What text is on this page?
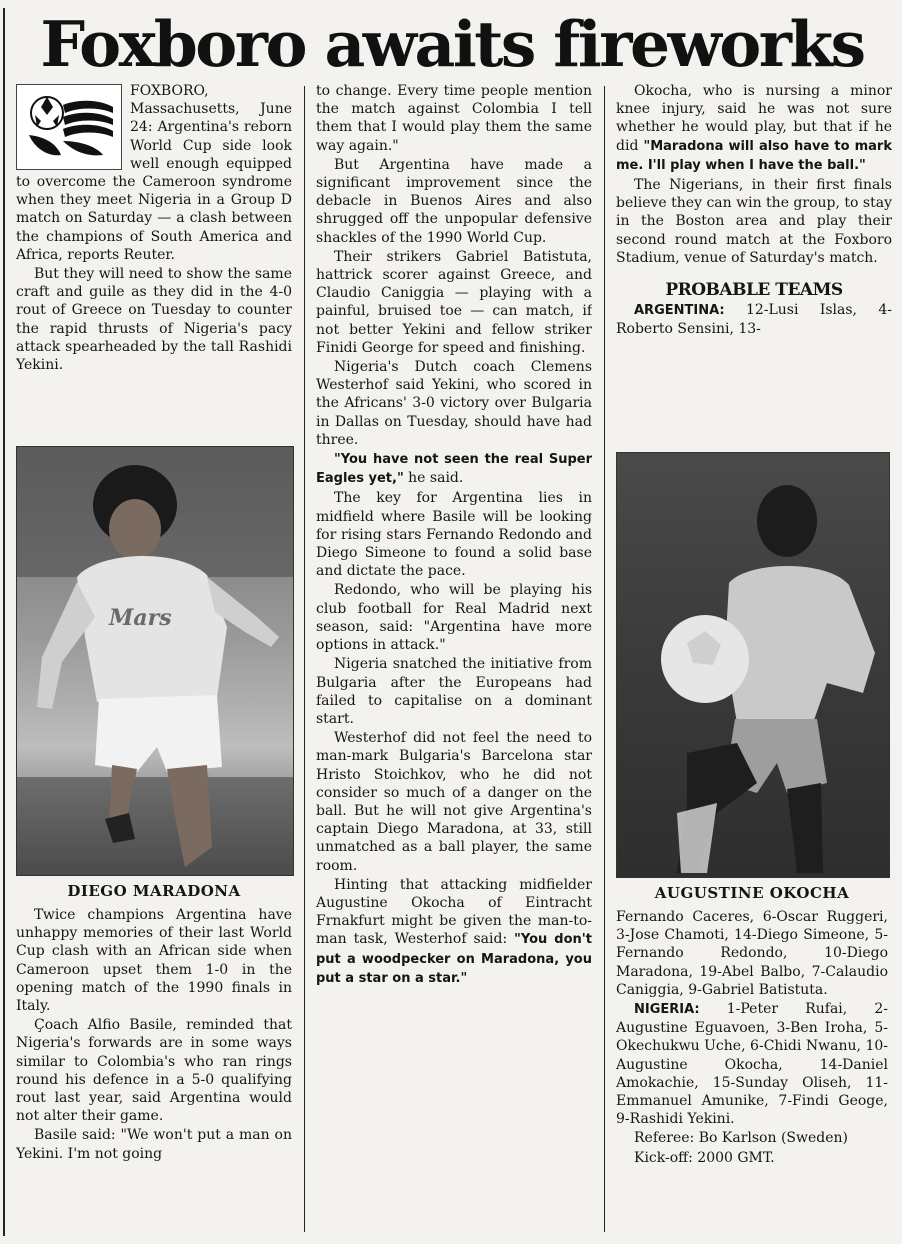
Foxboro awaits fireworks

FOXBORO, Massachusetts, June 24: Argentina's reborn World Cup side look well enough equipped to overcome the Cameroon syndrome when they meet Nigeria in a Group D match on Saturday — a clash between the champions of South America and Africa, reports Reuter.

But they will need to show the same craft and guile as they did in the 4-0 rout of Greece on Tuesday to counter the rapid thrusts of Nigeria's pacy attack spearheaded by the tall Rashidi Yekini.

Mars
DIEGO MARADONA

Twice champions Argentina have unhappy memories of their last World Cup clash with an African side when Cameroon upset them 1-0 in the opening match of the 1990 finals in Italy.

Çoach Alfio Basile, reminded that Nigeria's forwards are in some ways similar to Colombia's who ran rings round his defence in a 5-0 qualifying rout last year, said Argentina would not alter their game.

Basile said: "We won't put a man on Yekini. I'm not going

to change. Every time people mention the match against Colombia I tell them that I would play them the same way again."

But Argentina have made a significant improvement since the debacle in Buenos Aires and also shrugged off the unpopular defensive shackles of the 1990 World Cup.

Their strikers Gabriel Batistuta, hattrick scorer against Greece, and Claudio Caniggia — playing with a painful, bruised toe — can match, if not better Yekini and fellow striker Finidi George for speed and finishing.

Nigeria's Dutch coach Clemens Westerhof said Yekini, who scored in the Africans' 3-0 victory over Bulgaria in Dallas on Tuesday, should have had three.

"You have not seen the real Super Eagles yet," he said.

The key for Argentina lies in midfield where Basile will be looking for rising stars Fernando Redondo and Diego Simeone to found a solid base and dictate the pace.

Redondo, who will be playing his club football for Real Madrid next season, said: "Argentina have more options in attack."

Nigeria snatched the initiative from Bulgaria after the Europeans had failed to capitalise on a dominant start.

Westerhof did not feel the need to man-mark Bulgaria's Barcelona star Hristo Stoichkov, who he did not consider so much of a danger on the ball. But he will not give Argentina's captain Diego Maradona, at 33, still unmatched as a ball player, the same room.

Hinting that attacking midfielder Augustine Okocha of Eintracht Frnakfurt might be given the man-to-man task, Westerhof said: "You don't put a woodpecker on Maradona, you put a star on a star."

Okocha, who is nursing a minor knee injury, said he was not sure whether he would play, but that if he did "Maradona will also have to mark me. I'll play when I have the ball."

The Nigerians, in their first finals believe they can win the group, to stay in the Boston area and play their second round match at the Foxboro Stadium, venue of Saturday's match.

PROBABLE TEAMS

ARGENTINA: 12-Lusi Islas, 4-Roberto Sensini, 13-

AUGUSTINE OKOCHA

Fernando Caceres, 6-Oscar Ruggeri, 3-Jose Chamoti, 14-Diego Simeone, 5-Fernando Redondo, 10-Diego Maradona, 19-Abel Balbo, 7-Calaudio Caniggia, 9-Gabriel Batistuta.

NIGERIA: 1-Peter Rufai, 2-Augustine Eguavoen, 3-Ben Iroha, 5-Okechukwu Uche, 6-Chidi Nwanu, 10-Augustine Okocha, 14-Daniel Amokachie, 15-Sunday Oliseh, 11-Emmanuel Amunike, 7-Findi Geoge, 9-Rashidi Yekini.

Referee: Bo Karlson (Sweden)

Kick-off: 2000 GMT.
